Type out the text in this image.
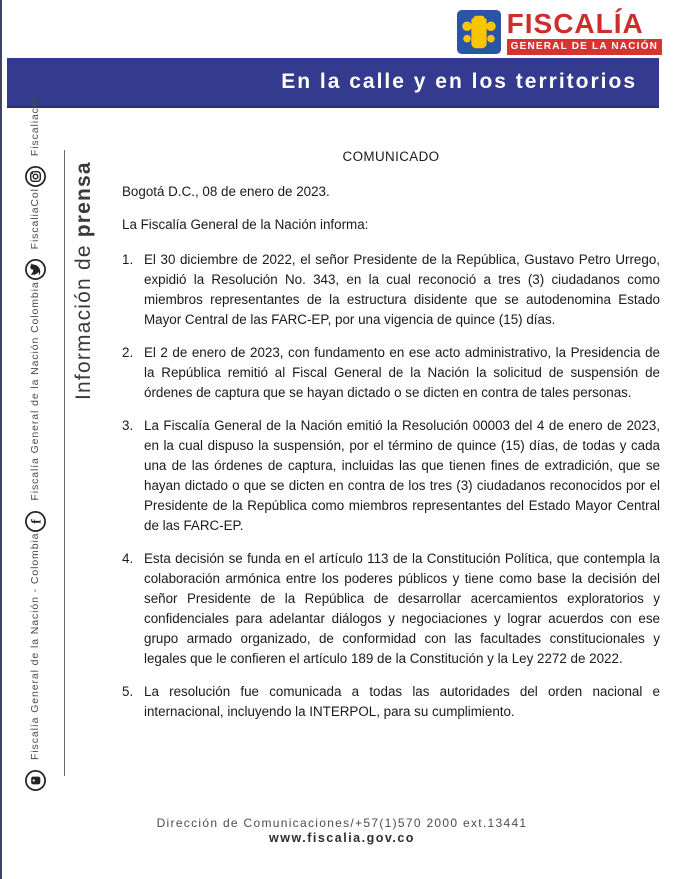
FISCALÍA
GENERAL DE LA NACIÓN
En la calle y en los territorios
Información de prensa
Fiscalía General de la Nación - Colombia
f
Fiscalía General de la Nación Colombia
FiscaliaCol
Fiscaliacol
COMUNICADO
Bogotá D.C., 08 de enero de 2023.
La Fiscalía General de la Nación informa:
1. El 30 diciembre de 2022, el señor Presidente de la República, Gustavo Petro Urrego, expidió la Resolución No. 343, en la cual reconoció a tres (3) ciudadanos como miembros representantes de la estructura disidente que se autodenomina Estado Mayor Central de las FARC-EP, por una vigencia de quince (15) días.
2. El 2 de enero de 2023, con fundamento en ese acto administrativo, la Presidencia de la República remitió al Fiscal General de la Nación la solicitud de suspensión de órdenes de captura que se hayan dictado o se dicten en contra de tales personas.
3. La Fiscalía General de la Nación emitió la Resolución 00003 del 4 de enero de 2023, en la cual dispuso la suspensión, por el término de quince (15) días, de todas y cada una de las órdenes de captura, incluidas las que tienen fines de extradición, que se hayan dictado o que se dicten en contra de los tres (3) ciudadanos reconocidos por el Presidente de la República como miembros representantes del Estado Mayor Central de las FARC-EP.
4. Esta decisión se funda en el artículo 113 de la Constitución Política, que contempla la colaboración armónica entre los poderes públicos y tiene como base la decisión del señor Presidente de la República de desarrollar acercamientos exploratorios y confidenciales para adelantar diálogos y negociaciones y lograr acuerdos con ese grupo armado organizado, de conformidad con las facultades constitucionales y legales que le confieren el artículo 189 de la Constitución y la Ley 2272 de 2022.
5. La resolución fue comunicada a todas las autoridades del orden nacional e internacional, incluyendo la INTERPOL, para su cumplimiento.
Dirección de Comunicaciones/+57(1)570 2000 ext.13441
www.fiscalia.gov.co
